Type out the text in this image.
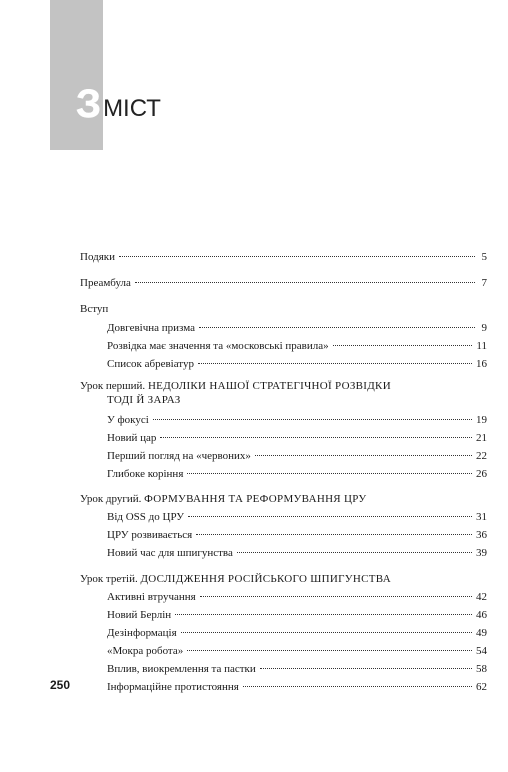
З МІСТ
Подяки	5
Преамбула	7
Вступ
Довгевічна призма	9
Розвідка має значення та «московські правила»	11
Список абревіатур	16
Урок перший. НЕДОЛІКИ НАШОЇ СТРАТЕГІЧНОЇ РОЗВІДКИ
ТОДІ Й ЗАРАЗ
У фокусі	19
Новий цар	21
Перший погляд на «червоних»	22
Глибоке коріння	26
Урок другий. ФОРМУВАННЯ ТА РЕФОРМУВАННЯ ЦРУ
Від OSS до ЦРУ	31
ЦРУ розвивається	36
Новий час для шпигунства	39
Урок третій. ДОСЛІДЖЕННЯ РОСІЙСЬКОГО ШПИГУНСТВА
Активні втручання	42
Новий Берлін	46
Дезінформація	49
«Мокра робота»	54
Вплив, виокремлення та пастки	58
Інформаційне протистояння	62
250
